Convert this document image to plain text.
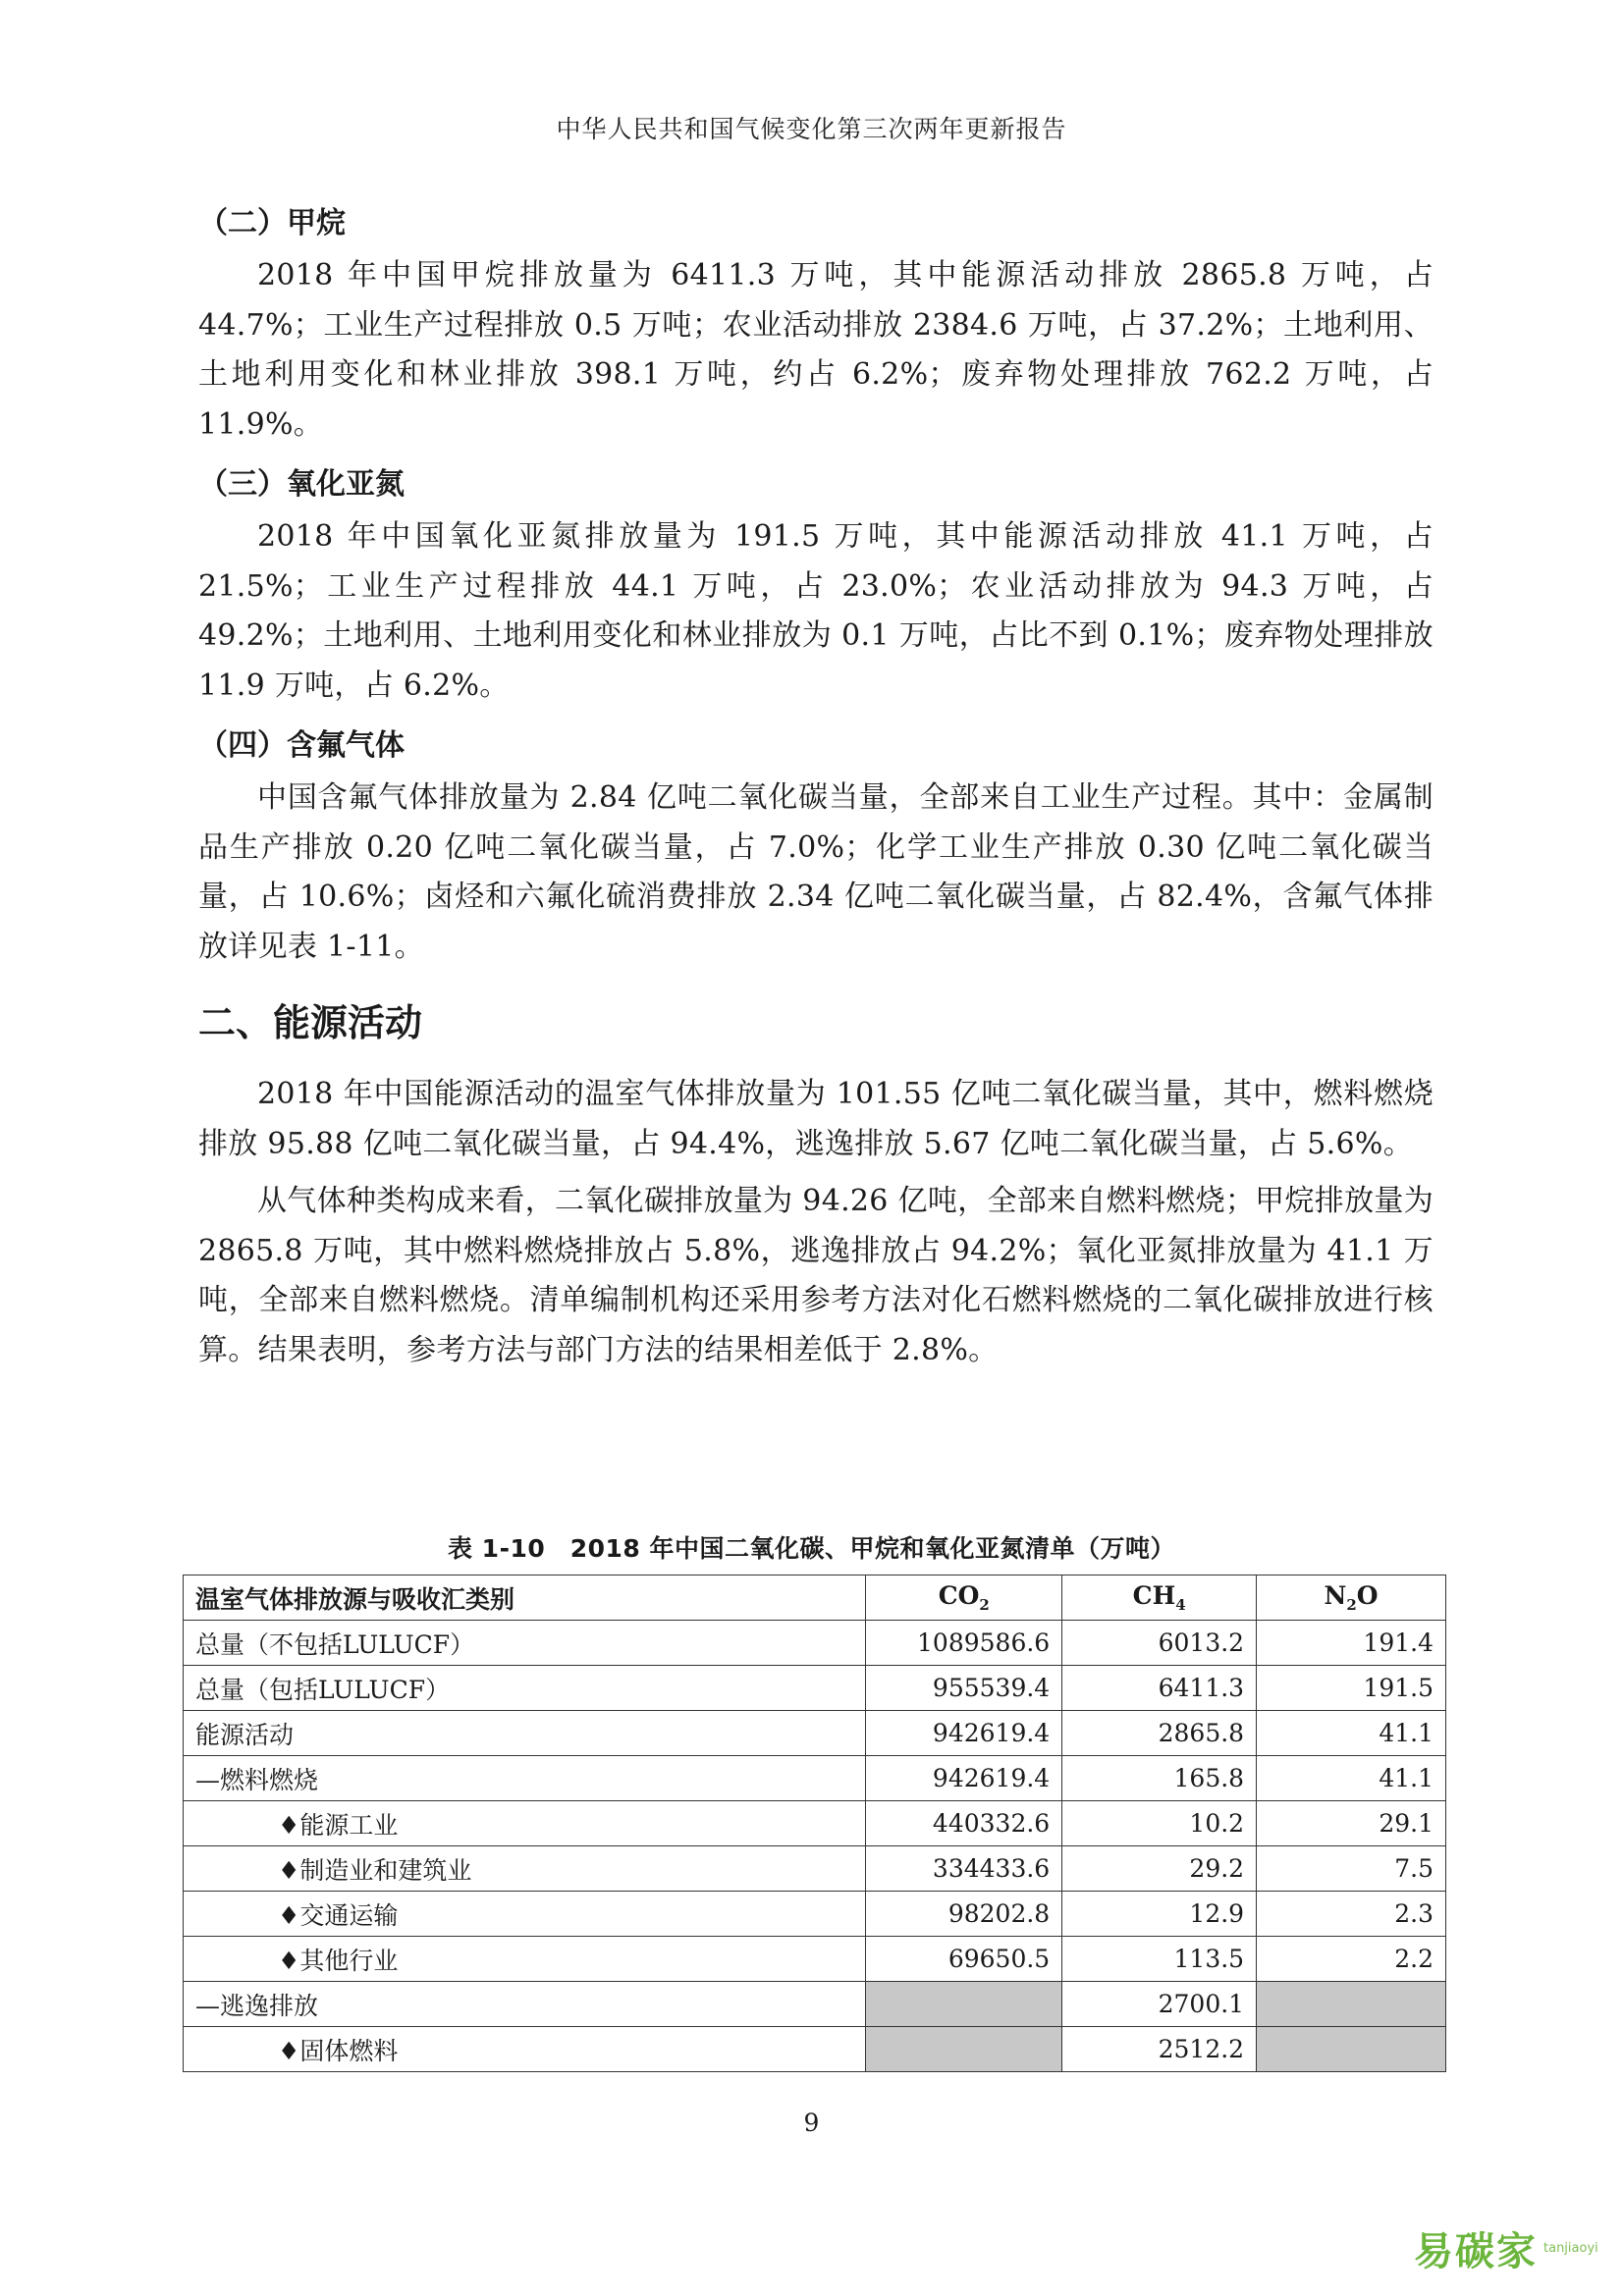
中华人民共和国气候变化第三次两年更新报告
（二）甲烷

2018 年中国甲烷排放量为 6411.3 万吨，其中能源活动排放 2865.8 万吨，占 44.7%；工业生产过程排放 0.5 万吨；农业活动排放 2384.6 万吨，占 37.2%；土地利用、土地利用变化和林业排放 398.1 万吨，约占 6.2%；废弃物处理排放 762.2 万吨，占 11.9%。

（三）氧化亚氮

2018 年中国氧化亚氮排放量为 191.5 万吨，其中能源活动排放 41.1 万吨，占 21.5%；工业生产过程排放 44.1 万吨，占 23.0%；农业活动排放为 94.3 万吨，占 49.2%；土地利用、土地利用变化和林业排放为 0.1 万吨，占比不到 0.1%；废弃物处理排放 11.9 万吨，占 6.2%。

（四）含氟气体

中国含氟气体排放量为 2.84 亿吨二氧化碳当量，全部来自工业生产过程。其中：金属制品生产排放 0.20 亿吨二氧化碳当量，占 7.0%；化学工业生产排放 0.30 亿吨二氧化碳当量，占 10.6%；卤烃和六氟化硫消费排放 2.34 亿吨二氧化碳当量，占 82.4%，含氟气体排放详见表 1-11。

二、能源活动

2018 年中国能源活动的温室气体排放量为 101.55 亿吨二氧化碳当量，其中，燃料燃烧排放 95.88 亿吨二氧化碳当量，占 94.4%，逃逸排放 5.67 亿吨二氧化碳当量，占 5.6%。

从气体种类构成来看，二氧化碳排放量为 94.26 亿吨，全部来自燃料燃烧；甲烷排放量为 2865.8 万吨，其中燃料燃烧排放占 5.8%，逃逸排放占 94.2%；氧化亚氮排放量为 41.1 万吨，全部来自燃料燃烧。清单编制机构还采用参考方法对化石燃料燃烧的二氧化碳排放进行核算。结果表明，参考方法与部门方法的结果相差低于 2.8%。

表 1-10　2018 年中国二氧化碳、甲烷和氧化亚氮清单（万吨）
温室气体排放源与吸收汇类别	$CO_2$	$CH_4$	$N_2O$
总量（不包括LULUCF）	1089586.6	6013.2	191.4
总量（包括LULUCF）	955539.4	6411.3	191.5
能源活动	942619.4	2865.8	41.1
—燃料燃烧	942619.4	165.8	41.1
♦能源工业	440332.6	10.2	29.1
♦制造业和建筑业	334433.6	29.2	7.5
♦交通运输	98202.8	12.9	2.3
♦其他行业	69650.5	113.5	2.2
—逃逸排放		2700.1	
♦固体燃料		2512.2	
9
易碳家 tanjiaoyi
